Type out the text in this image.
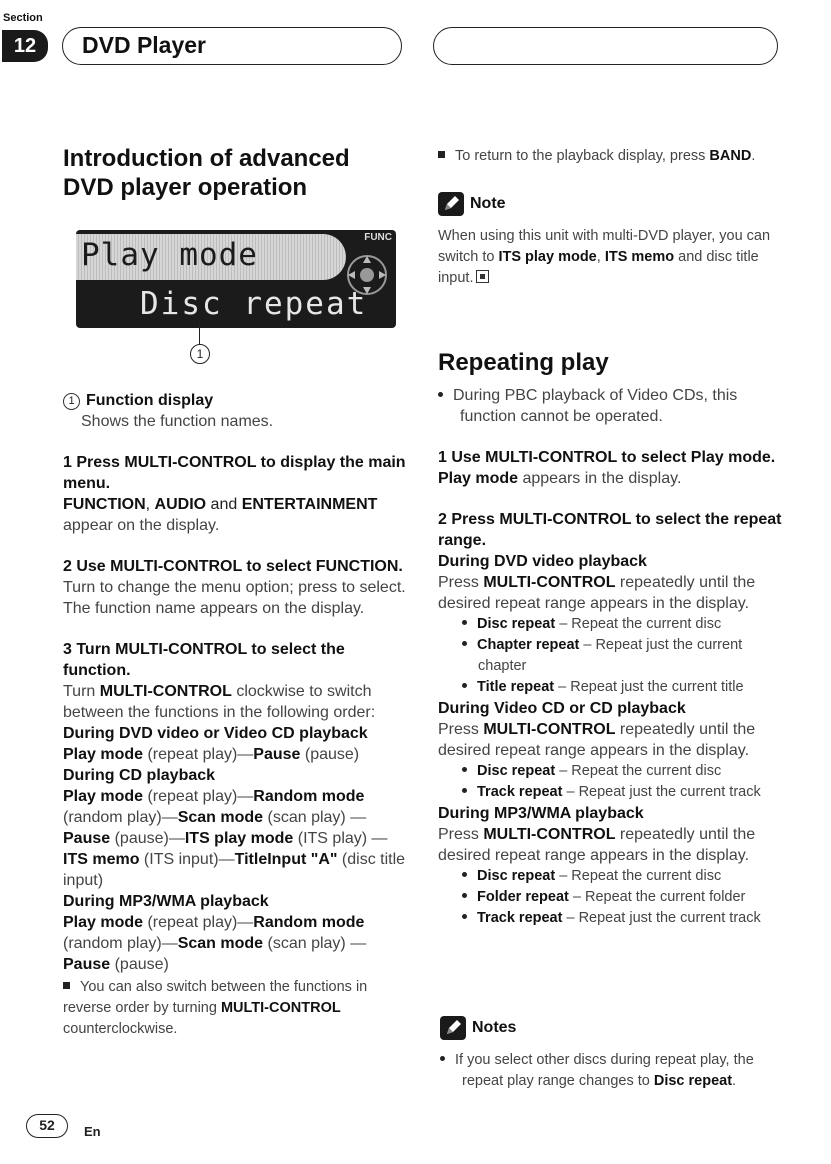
Section
12	DVD Player
Introduction of advanced DVD player operation
Play mode	FUNC
Disc repeat
1

1 Function display

Shows the function names.

1 Press MULTI-CONTROL to display the main menu.

FUNCTION, AUDIO and ENTERTAINMENT

appear on the display.

2 Use MULTI-CONTROL to select FUNCTION.

Turn to change the menu option; press to select.

The function name appears on the display.

3 Turn MULTI-CONTROL to select the function.

Turn MULTI-CONTROL clockwise to switch between the functions in the following order:

During DVD video or Video CD playback

Play mode (repeat play)—Pause (pause)

During CD playback

Play mode (repeat play)—Random mode (random play)—Scan mode (scan play) —Pause (pause)—ITS play mode (ITS play) —ITS memo (ITS input)—TitleInput "A" (disc title input)

During MP3/WMA playback

Play mode (repeat play)—Random mode (random play)—Scan mode (scan play) —Pause (pause)

You can also switch between the functions in reverse order by turning MULTI-CONTROL counterclockwise.

To return to the playback display, press BAND.
Note
When using this unit with multi-DVD player, you can switch to ITS play mode, ITS memo and disc title input.
Repeating play

During PBC playback of Video CDs, this function cannot be operated.

1 Use MULTI-CONTROL to select Play mode.

Play mode appears in the display.

2 Press MULTI-CONTROL to select the repeat range.

During DVD video playback

Press MULTI-CONTROL repeatedly until the desired repeat range appears in the display.

Disc repeat – Repeat the current disc

Chapter repeat – Repeat just the current chapter

Title repeat – Repeat just the current title

During Video CD or CD playback

Press MULTI-CONTROL repeatedly until the desired repeat range appears in the display.

Disc repeat – Repeat the current disc

Track repeat – Repeat just the current track

During MP3/WMA playback

Press MULTI-CONTROL repeatedly until the desired repeat range appears in the display.

Disc repeat – Repeat the current disc

Folder repeat – Repeat the current folder

Track repeat – Repeat just the current track

Notes
If you select other discs during repeat play, the repeat play range changes to Disc repeat.
52	En
